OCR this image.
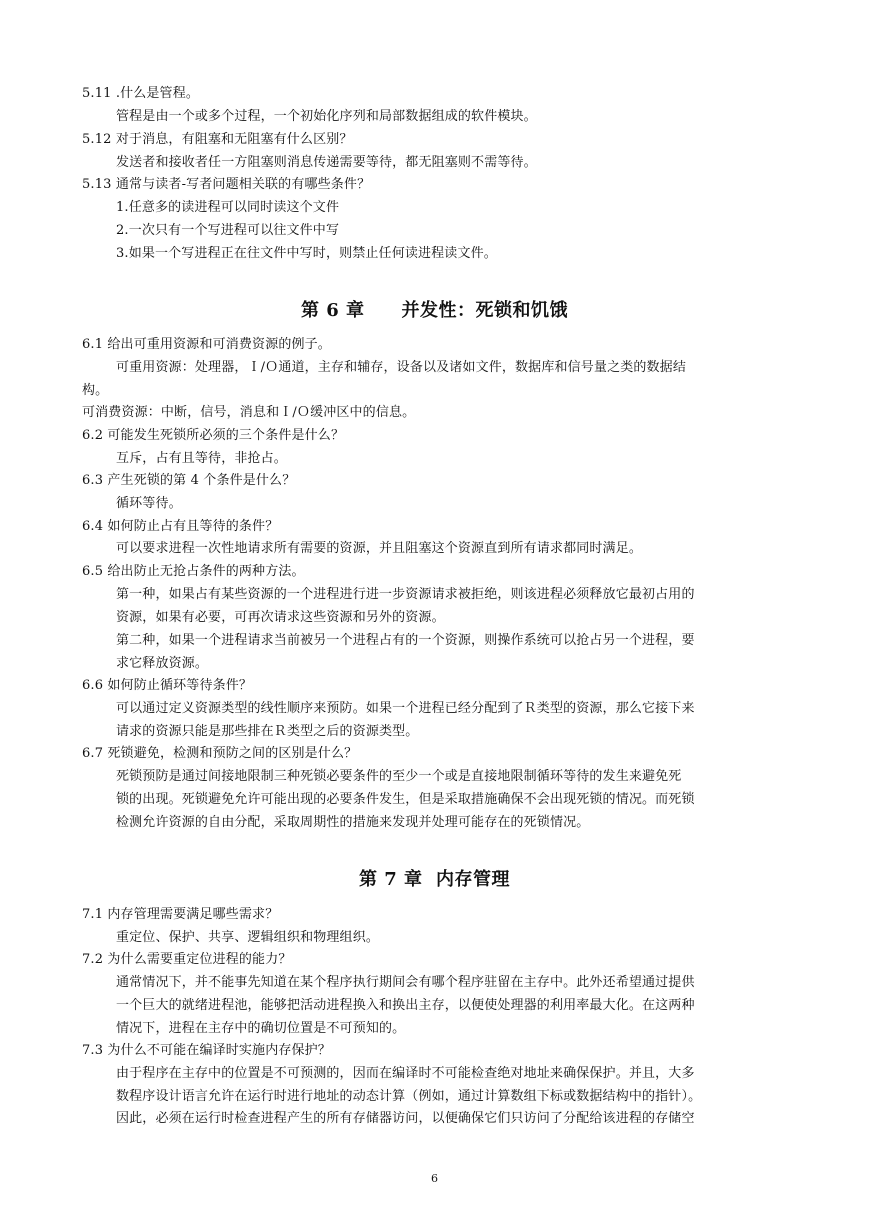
5.11 .什么是管程。
管程是由一个或多个过程，一个初始化序列和局部数据组成的软件模块。
5.12 对于消息，有阻塞和无阻塞有什么区别？
发送者和接收者任一方阻塞则消息传递需要等待，都无阻塞则不需等待。
5.13 通常与读者-写者问题相关联的有哪些条件？
1.任意多的读进程可以同时读这个文件
2.一次只有一个写进程可以往文件中写
3.如果一个写进程正在往文件中写时，则禁止任何读进程读文件。
第 6 章　　并发性：死锁和饥饿
6.1 给出可重用资源和可消费资源的例子。
可重用资源：处理器，Ｉ/Ｏ通道，主存和辅存，设备以及诸如文件，数据库和信号量之类的数据结
构。
可消费资源：中断，信号，消息和Ｉ/Ｏ缓冲区中的信息。
6.2 可能发生死锁所必须的三个条件是什么？
互斥，占有且等待，非抢占。
6.3 产生死锁的第 4 个条件是什么？
循环等待。
6.4 如何防止占有且等待的条件？
可以要求进程一次性地请求所有需要的资源，并且阻塞这个资源直到所有请求都同时满足。
6.5 给出防止无抢占条件的两种方法。
第一种，如果占有某些资源的一个进程进行进一步资源请求被拒绝，则该进程必须释放它最初占用的
资源，如果有必要，可再次请求这些资源和另外的资源。
第二种，如果一个进程请求当前被另一个进程占有的一个资源，则操作系统可以抢占另一个进程，要
求它释放资源。
6.6 如何防止循环等待条件？
可以通过定义资源类型的线性顺序来预防。如果一个进程已经分配到了Ｒ类型的资源，那么它接下来
请求的资源只能是那些排在Ｒ类型之后的资源类型。
6.7 死锁避免，检测和预防之间的区别是什么？
死锁预防是通过间接地限制三种死锁必要条件的至少一个或是直接地限制循环等待的发生来避免死
锁的出现。死锁避免允许可能出现的必要条件发生，但是采取措施确保不会出现死锁的情况。而死锁
检测允许资源的自由分配，采取周期性的措施来发现并处理可能存在的死锁情况。
第 7 章  内存管理
7.1 内存管理需要满足哪些需求？
重定位、保护、共享、逻辑组织和物理组织。
7.2 为什么需要重定位进程的能力？
通常情况下，并不能事先知道在某个程序执行期间会有哪个程序驻留在主存中。此外还希望通过提供
一个巨大的就绪进程池，能够把活动进程换入和换出主存，以便使处理器的利用率最大化。在这两种
情况下，进程在主存中的确切位置是不可预知的。
7.3 为什么不可能在编译时实施内存保护？
由于程序在主存中的位置是不可预测的，因而在编译时不可能检查绝对地址来确保保护。并且，大多
数程序设计语言允许在运行时进行地址的动态计算（例如，通过计算数组下标或数据结构中的指针）。
因此，必须在运行时检查进程产生的所有存储器访问，以便确保它们只访问了分配给该进程的存储空
6
